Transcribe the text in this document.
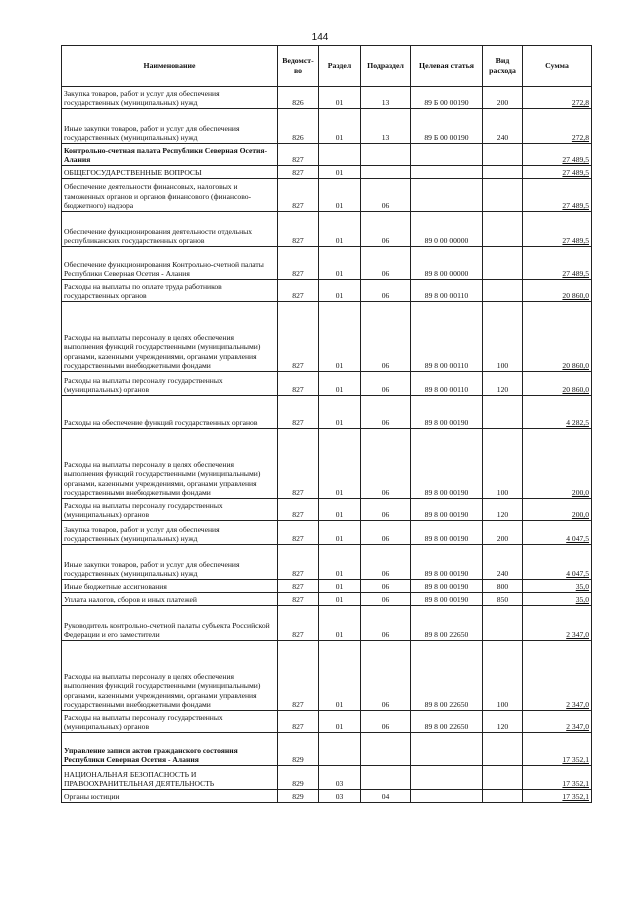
144
Наименование	Ведомст-во	Раздел	Подраздел	Целевая статья	Вид расхода	Сумма
Закупка товаров, работ и услуг для обеспечения государственных (муниципальных) нужд	826	01	13	89 Б 00 00190	200	272,8
Иные закупки товаров, работ и услуг для обеспечения государственных (муниципальных) нужд	826	01	13	89 Б 00 00190	240	272,8
Контрольно-счетная палата Республики Северная Осетия-Алания	827					27 489,5
ОБЩЕГОСУДАРСТВЕННЫЕ ВОПРОСЫ	827	01				27 489,5
Обеспечение деятельности финансовых, налоговых и таможенных органов и органов финансового (финансово-бюджетного) надзора	827	01	06			27 489,5
Обеспечение функционирования деятельности отдельных республиканских государственных органов	827	01	06	89 0 00 00000		27 489,5
Обеспечение функционирования Контрольно-счетной палаты Республики Северная Осетия - Алания	827	01	06	89 8 00 00000		27 489,5
Расходы на выплаты по оплате труда работников государственных органов	827	01	06	89 8 00 00110		20 860,0
Расходы на выплаты персоналу в целях обеспечения выполнения функций государственными (муниципальными) органами, казенными учреждениями, органами управления государственными внебюджетными фондами	827	01	06	89 8 00 00110	100	20 860,0
Расходы на выплаты персоналу государственных (муниципальных) органов	827	01	06	89 8 00 00110	120	20 860,0
Расходы на обеспечение функций государственных органов	827	01	06	89 8 00 00190		4 282,5
Расходы на выплаты персоналу в целях обеспечения выполнения функций государственными (муниципальными) органами, казенными учреждениями, органами управления государственными внебюджетными фондами	827	01	06	89 8 00 00190	100	200,0
Расходы на выплаты персоналу государственных (муниципальных) органов	827	01	06	89 8 00 00190	120	200,0
Закупка товаров, работ и услуг для обеспечения государственных (муниципальных) нужд	827	01	06	89 8 00 00190	200	4 047,5
Иные закупки товаров, работ и услуг для обеспечения государственных (муниципальных) нужд	827	01	06	89 8 00 00190	240	4 047,5
Иные бюджетные ассигнования	827	01	06	89 8 00 00190	800	35,0
Уплата налогов, сборов и иных платежей	827	01	06	89 8 00 00190	850	35,0
Руководитель контрольно-счетной палаты субъекта Российской Федерации и его заместители	827	01	06	89 8 00 22650		2 347,0
Расходы на выплаты персоналу в целях обеспечения выполнения функций государственными (муниципальными) органами, казенными учреждениями, органами управления государственными внебюджетными фондами	827	01	06	89 8 00 22650	100	2 347,0
Расходы на выплаты персоналу государственных (муниципальных) органов	827	01	06	89 8 00 22650	120	2 347,0
Управление записи актов гражданского состояния Республики Северная Осетия - Алания	829					17 352,1
НАЦИОНАЛЬНАЯ БЕЗОПАСНОСТЬ И ПРАВООХРАНИТЕЛЬНАЯ ДЕЯТЕЛЬНОСТЬ	829	03				17 352,1
Органы юстиции	829	03	04			17 352,1
